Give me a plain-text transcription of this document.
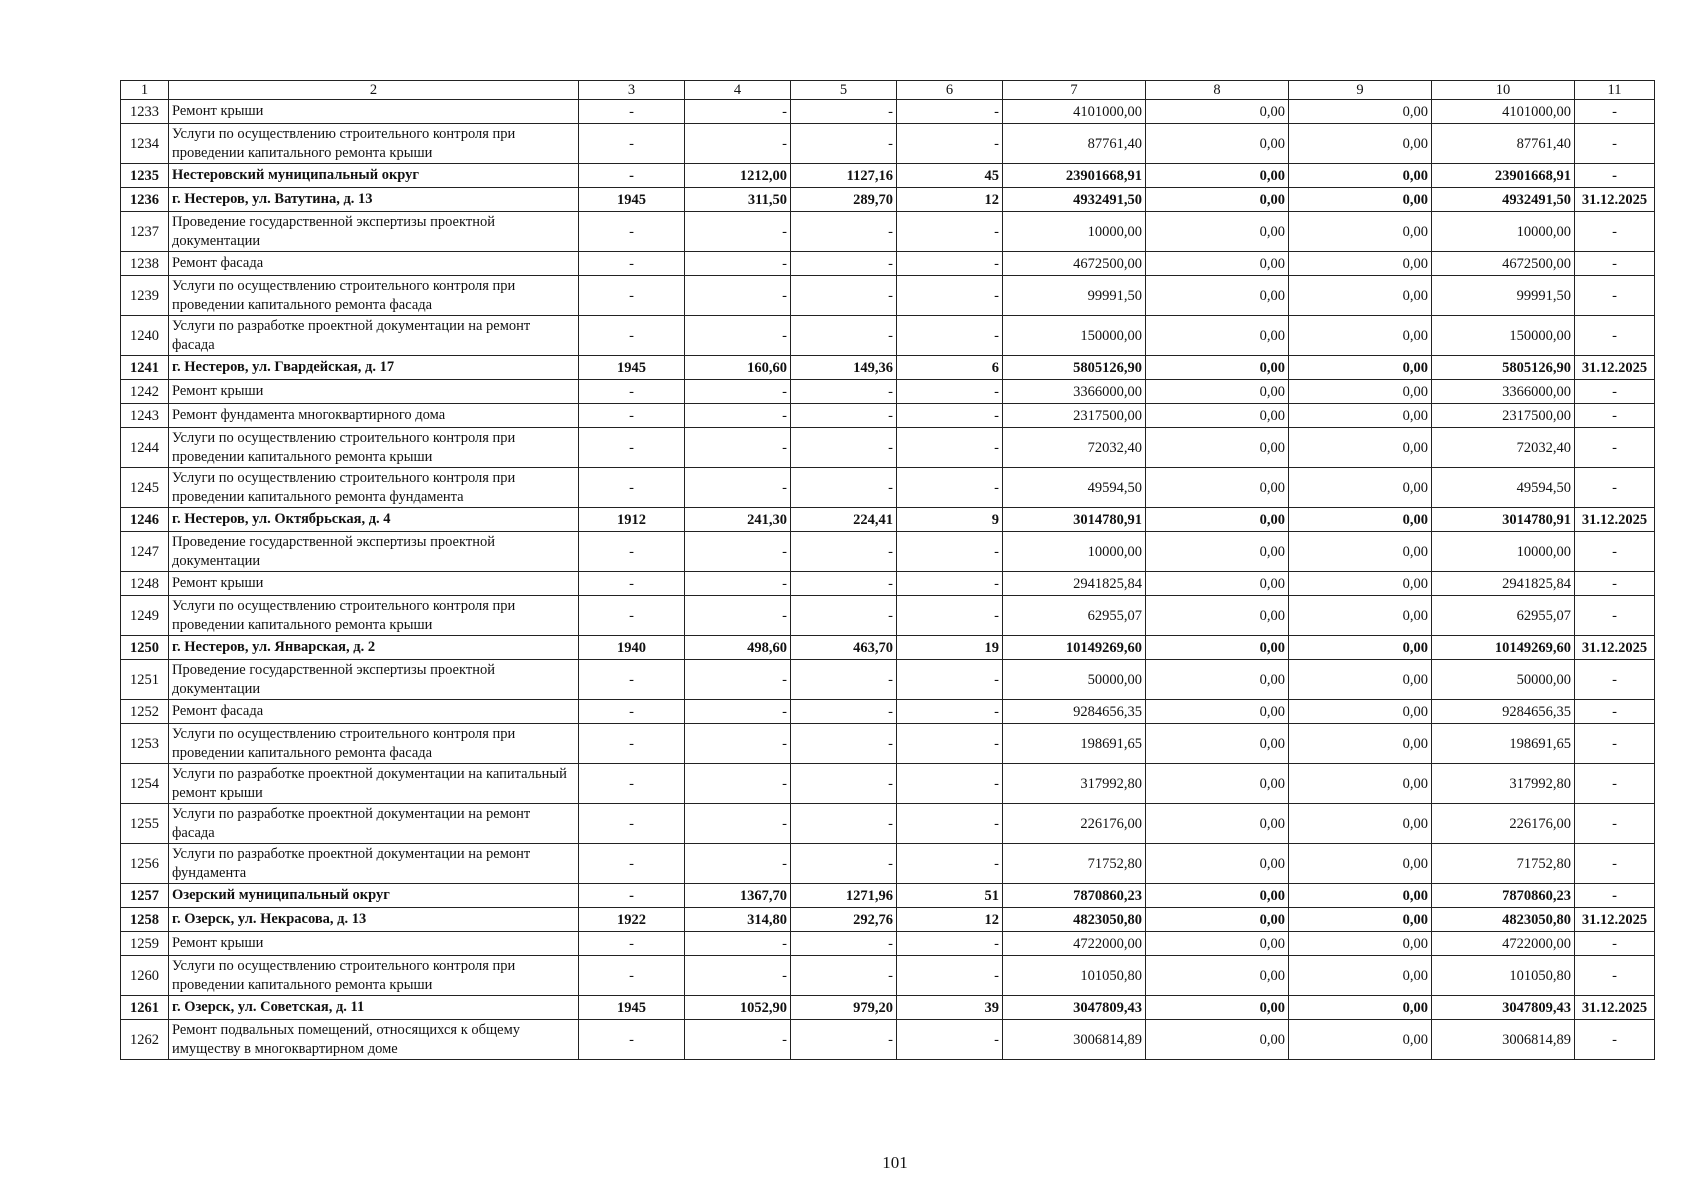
1	2	3	4	5	6	7	8	9	10	11
1233	Ремонт крыши	-	-	-	-	4101000,00	0,00	0,00	4101000,00	-
1234	Услуги по осуществлению строительного контроля при проведении капитального ремонта крыши	-	-	-	-	87761,40	0,00	0,00	87761,40	-
1235	Нестеровский муниципальный округ	-	1212,00	1127,16	45	23901668,91	0,00	0,00	23901668,91	-
1236	г. Нестеров, ул. Ватутина, д. 13	1945	311,50	289,70	12	4932491,50	0,00	0,00	4932491,50	31.12.2025
1237	Проведение государственной экспертизы проектной документации	-	-	-	-	10000,00	0,00	0,00	10000,00	-
1238	Ремонт фасада	-	-	-	-	4672500,00	0,00	0,00	4672500,00	-
1239	Услуги по осуществлению строительного контроля при проведении капитального ремонта фасада	-	-	-	-	99991,50	0,00	0,00	99991,50	-
1240	Услуги по разработке проектной документации на ремонт фасада	-	-	-	-	150000,00	0,00	0,00	150000,00	-
1241	г. Нестеров, ул. Гвардейская, д. 17	1945	160,60	149,36	6	5805126,90	0,00	0,00	5805126,90	31.12.2025
1242	Ремонт крыши	-	-	-	-	3366000,00	0,00	0,00	3366000,00	-
1243	Ремонт фундамента многоквартирного дома	-	-	-	-	2317500,00	0,00	0,00	2317500,00	-
1244	Услуги по осуществлению строительного контроля при проведении капитального ремонта крыши	-	-	-	-	72032,40	0,00	0,00	72032,40	-
1245	Услуги по осуществлению строительного контроля при проведении капитального ремонта фундамента	-	-	-	-	49594,50	0,00	0,00	49594,50	-
1246	г. Нестеров, ул. Октябрьская, д. 4	1912	241,30	224,41	9	3014780,91	0,00	0,00	3014780,91	31.12.2025
1247	Проведение государственной экспертизы проектной документации	-	-	-	-	10000,00	0,00	0,00	10000,00	-
1248	Ремонт крыши	-	-	-	-	2941825,84	0,00	0,00	2941825,84	-
1249	Услуги по осуществлению строительного контроля при проведении капитального ремонта крыши	-	-	-	-	62955,07	0,00	0,00	62955,07	-
1250	г. Нестеров, ул. Январская, д. 2	1940	498,60	463,70	19	10149269,60	0,00	0,00	10149269,60	31.12.2025
1251	Проведение государственной экспертизы проектной документации	-	-	-	-	50000,00	0,00	0,00	50000,00	-
1252	Ремонт фасада	-	-	-	-	9284656,35	0,00	0,00	9284656,35	-
1253	Услуги по осуществлению строительного контроля при проведении капитального ремонта фасада	-	-	-	-	198691,65	0,00	0,00	198691,65	-
1254	Услуги по разработке проектной документации на капитальный ремонт крыши	-	-	-	-	317992,80	0,00	0,00	317992,80	-
1255	Услуги по разработке проектной документации на ремонт фасада	-	-	-	-	226176,00	0,00	0,00	226176,00	-
1256	Услуги по разработке проектной документации на ремонт фундамента	-	-	-	-	71752,80	0,00	0,00	71752,80	-
1257	Озерский муниципальный округ	-	1367,70	1271,96	51	7870860,23	0,00	0,00	7870860,23	-
1258	г. Озерск, ул. Некрасова, д. 13	1922	314,80	292,76	12	4823050,80	0,00	0,00	4823050,80	31.12.2025
1259	Ремонт крыши	-	-	-	-	4722000,00	0,00	0,00	4722000,00	-
1260	Услуги по осуществлению строительного контроля при проведении капитального ремонта крыши	-	-	-	-	101050,80	0,00	0,00	101050,80	-
1261	г. Озерск, ул. Советская, д. 11	1945	1052,90	979,20	39	3047809,43	0,00	0,00	3047809,43	31.12.2025
1262	Ремонт подвальных помещений, относящихся к общему имуществу в многоквартирном доме	-	-	-	-	3006814,89	0,00	0,00	3006814,89	-
101
